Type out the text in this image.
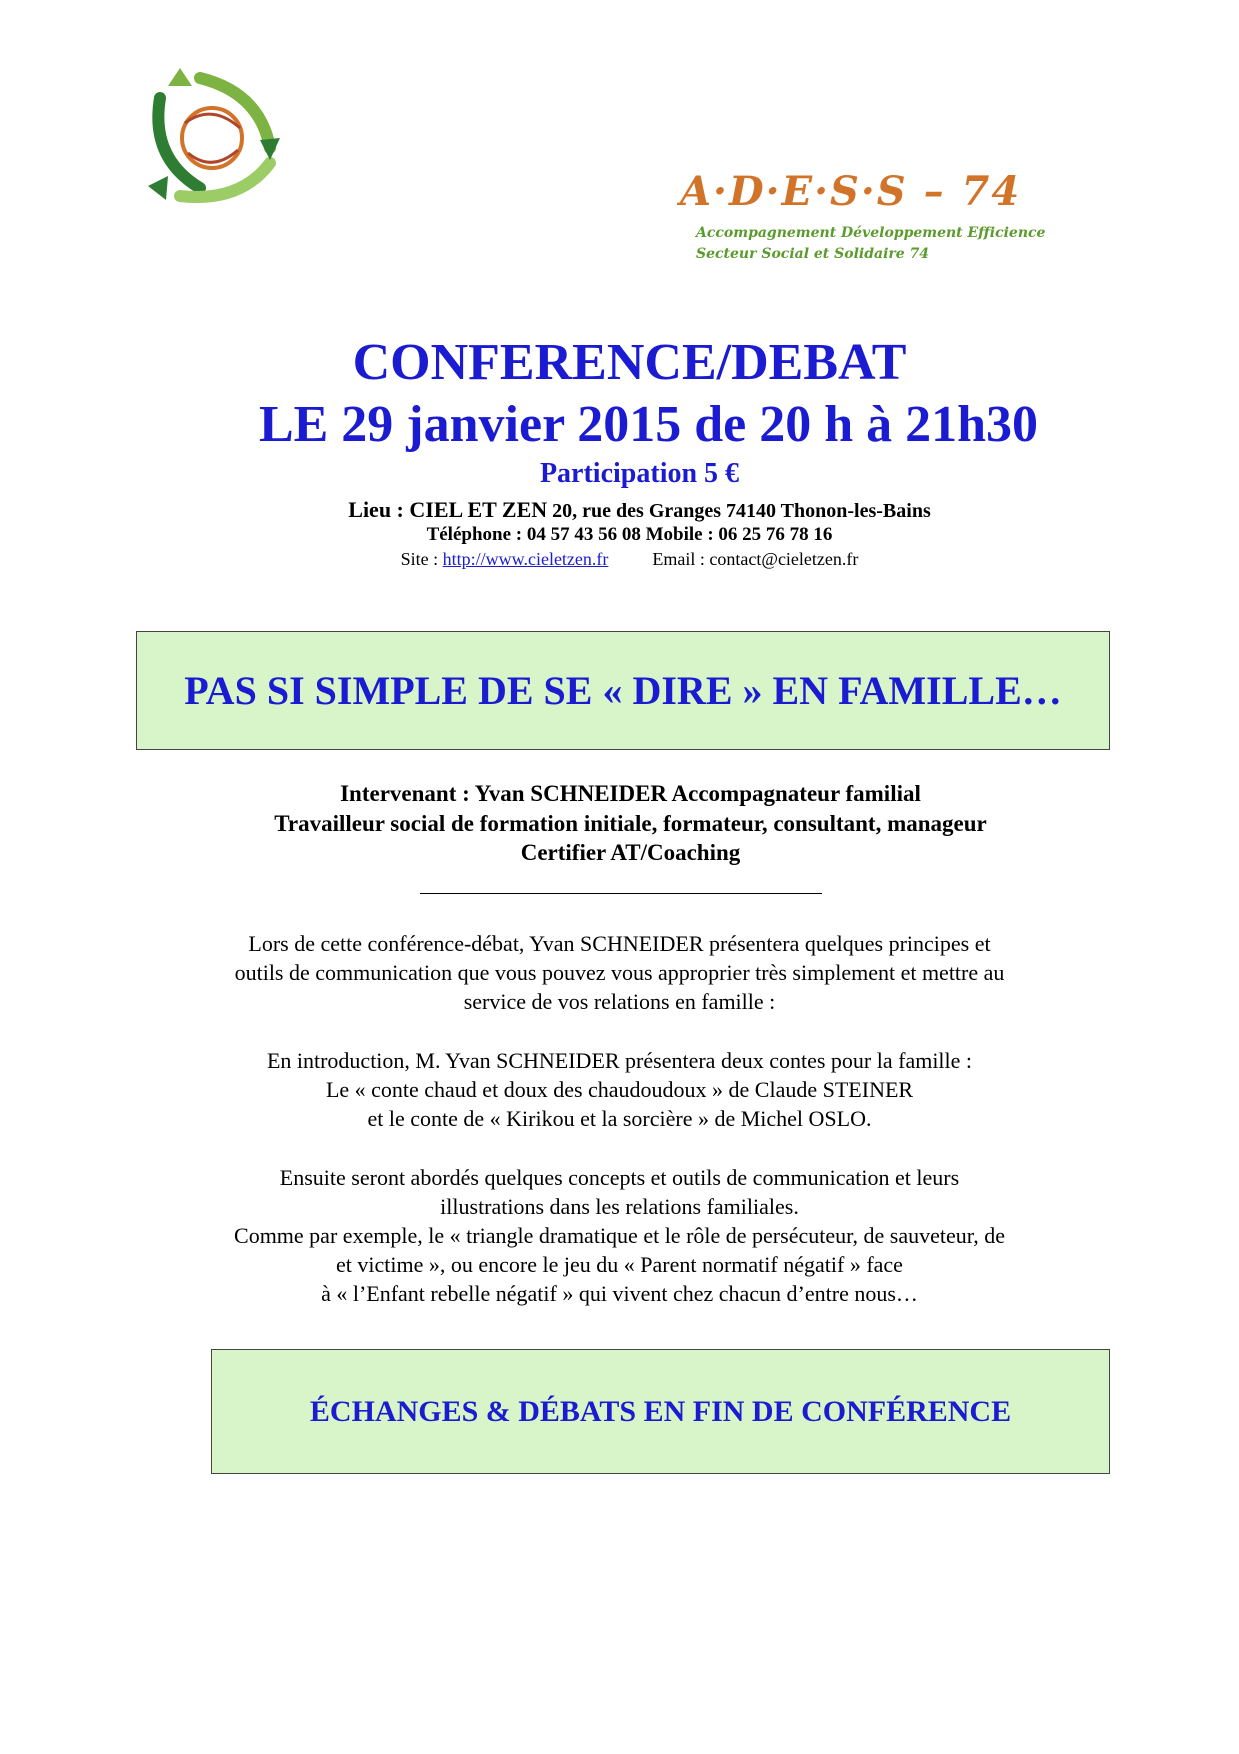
A·D·E·S·S – 74
Accompagnement Développement Efficience
Secteur Social et Solidaire 74
CONFERENCE/DEBAT
LE 29 janvier 2015 de 20 h à 21h30
Participation 5 €
Lieu : CIEL ET ZEN 20, rue des Granges 74140 Thonon-les-Bains
Téléphone : 04 57 43 56 08 Mobile : 06 25 76 78 16
Site : http://www.cieletzen.fr Email : contact@cieletzen.fr
PAS SI SIMPLE DE SE « DIRE » EN FAMILLE…
Intervenant : Yvan SCHNEIDER Accompagnateur familial
Travailleur social de formation initiale, formateur, consultant, manageur
Certifier AT/Coaching
Lors de cette conférence-débat, Yvan SCHNEIDER présentera quelques principes et
outils de communication que vous pouvez vous approprier très simplement et mettre au
service de vos relations en famille :
En introduction, M. Yvan SCHNEIDER présentera deux contes pour la famille :
Le « conte chaud et doux des chaudoudoux » de Claude STEINER
et le conte de « Kirikou et la sorcière » de Michel OSLO.
Ensuite seront abordés quelques concepts et outils de communication et leurs
illustrations dans les relations familiales.
Comme par exemple, le « triangle dramatique et le rôle de persécuteur, de sauveteur, de
et victime », ou encore le jeu du « Parent normatif négatif » face
à « l’Enfant rebelle négatif » qui vivent chez chacun d’entre nous…
ÉCHANGES & DÉBATS EN FIN DE CONFÉRENCE
